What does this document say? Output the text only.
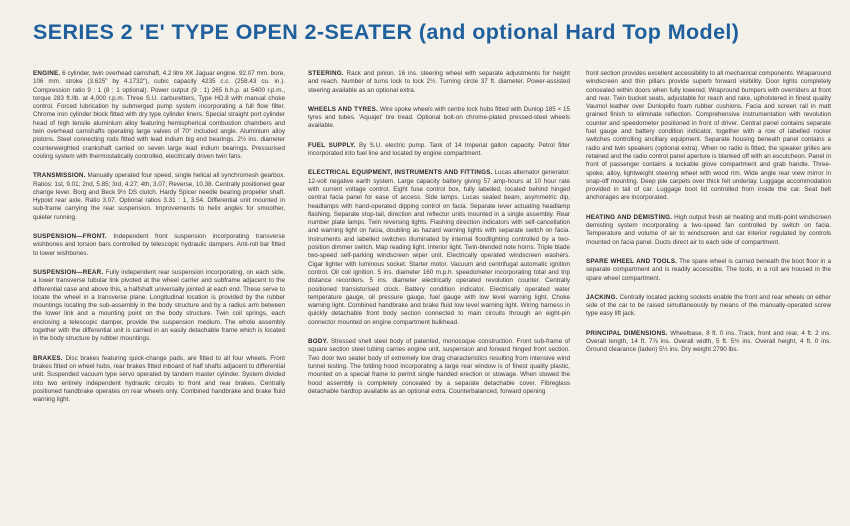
SERIES 2 'E' TYPE OPEN 2-SEATER (and optional Hard Top Model)

ENGINE. 6 cylinder, twin overhead camshaft, 4.2 litre XK Jaguar engine. 92.07 mm. bore, 106 mm. stroke (3.625" by 4.1732"), cubic capacity 4235 c.c. (258.43 cu. in.). Compression ratio 9 : 1 (8 : 1 optional). Power output (9 : 1) 265 b.h.p. at 5400 r.p.m., torque 283 ft./lb. at 4,000 r.p.m. Three S.U. carburetters, Type HD.8 with manual choke control. Forced lubrication by submerged pump system incorporating a full flow filter. Chrome iron cylinder block fitted with dry type cylinder liners. Special straight port cylinder head of high tensile aluminium alloy featuring hemispherical combustion chambers and twin overhead camshafts operating large valves of 70° included angle. Aluminium alloy pistons. Steel connecting rods fitted with lead indium big end bearings. 2½ ins. diameter counterweighted crankshaft carried on seven large lead indium bearings. Pressurised cooling system with thermostatically controlled, electrically driven twin fans.

TRANSMISSION. Manually operated four speed, single helical all synchromesh gearbox. Ratios: 1st, 9.01; 2nd, 5.85; 3rd, 4.27; 4th, 3.07; Reverse, 10.38. Centrally positioned gear change lever. Borg and Beck 9½ DS clutch. Hardy Spicer needle bearing propeller shaft. Hypoid rear axle. Ratio 3.07. Optional ratios 3.31 : 1, 3.54. Differential unit mounted in sub-frame carrying the rear suspension. Improvements to helix angles for smoother, quieter running.

SUSPENSION—FRONT. Independent front suspension incorporating transverse wishbones and torsion bars controlled by telescopic hydraulic dampers. Anti-roll bar fitted to lower wishbones.

SUSPENSION—REAR. Fully independent rear suspension incorporating, on each side, a lower transverse tubular link pivoted at the wheel carrier and subframe adjacent to the differential case and above this, a halfshaft universally jointed at each end. These serve to locate the wheel in a transverse plane. Longitudinal location is provided by the rubber mountings locating the sub-assembly in the body structure and by a radius arm between the lower link and a mounting point on the body structure. Twin coil springs, each enclosing a telescopic damper, provide the suspension medium. The whole assembly together with the differential unit is carried in an easily detachable frame which is located in the body structure by rubber mountings.

BRAKES. Disc brakes featuring quick-change pads, are fitted to all four wheels. Front brakes fitted on wheel hubs, rear brakes fitted inboard of half shafts adjacent to differential unit. Suspended vacuum type servo operated by tandem master cylinder. System divided into two entirely independent hydraulic circuits to front and rear brakes. Centrally positioned handbrake operates on rear wheels only. Combined handbrake and brake fluid warning light.

STEERING. Rack and pinion. 16 ins. steering wheel with separate adjustments for height and reach. Number of turns lock to lock 2½. Turning circle 37 ft. diameter. Power-assisted steering available as an optional extra.

WHEELS AND TYRES. Wire spoke wheels with centre lock hubs fitted with Dunlop 185 × 15 tyres and tubes. 'Aquajet' tire tread. Optional bolt-on chrome-plated pressed-steel wheels available.

FUEL SUPPLY. By S.U. electric pump. Tank of 14 Imperial gallon capacity. Petrol filter incorporated into fuel line and located by engine compartment.

ELECTRICAL EQUIPMENT, INSTRUMENTS AND FITTINGS. Lucas alternator generator. 12-volt negative earth system. Large capacity battery giving 57 amp-hours at 10 hour rate with current voltage control. Eight fuse control box, fully labelled, located behind hinged central facia panel for ease of access. Side lamps. Lucas sealed beam, asymmetric dip, headlamps with hand-operated dipping control on facia. Separate lever actuating headlamp flashing. Separate stop-tail, direction and reflector units mounted in a single assembly. Rear number plate lamps. Twin reversing lights. Flashing direction indicators with self-cancellation and warning light on facia, doubling as hazard warning lights with separate switch on facia. Instruments and labelled switches illuminated by internal floodlighting controlled by a two-position dimmer switch. Map reading light. Interior light. Twin-blended note horns. Triple blade two-speed self-parking windscreen wiper unit. Electrically operated windscreen washers. Cigar lighter with luminous socket. Starter motor. Vacuum and centrifugal automatic ignition control. Oil coil ignition. 5 ins. diameter 160 m.p.h. speedometer incorporating total and trip distance recorders. 5 ins. diameter electrically operated revolution counter. Centrally positioned transistorised clock. Battery condition indicator. Electrically operated water temperature gauge, oil pressure gauge, fuel gauge with low level warning light. Choke warning light. Combined handbrake and brake fluid low level warning light. Wiring harness in quickly detachable front body section connected to main circuits through an eight-pin connector mounted on engine compartment bulkhead.

BODY. Stressed shell steel body of patented, monocoque construction. Front sub-frame of square section steel tubing carries engine unit, suspension and forward hinged front section. Two door two seater body of extremely low drag characteristics resulting from intensive wind tunnel testing. The folding hood incorporating a large rear window is of finest quality plastic, mounted on a special frame to permit single handed erection or stowage. When stowed the hood assembly is completely concealed by a separate detachable cover. Fibreglass detachable hardtop available as an optional extra. Counterbalanced, forward opening

front section provides excellent accessibility to all mechanical components. Wraparound windscreen and thin pillars provide superb forward visibility. Door lights completely concealed within doors when fully lowered. Wrapround bumpers with overriders at front and rear. Twin bucket seats, adjustable for reach and rake, upholstered in finest quality Vaumol leather over Dunlopillo foam rubber cushions. Facia and screen rail in matt grained finish to eliminate reflection. Comprehensive instrumentation with revolution counter and speedometer positioned in front of driver. Central panel contains separate fuel gauge and battery condition indicator, together with a row of labelled rocker switches controlling ancillary equipment. Separate housing beneath panel contains a radio and twin speakers (optional extra). When no radio is fitted, the speaker grilles are retained and the radio control panel aperture is blanked off with an escutcheon. Panel in front of passenger contains a lockable glove compartment and grab handle. Three-spoke, alloy, lightweight steering wheel with wood rim. Wide angle rear view mirror in snap-off mounting. Deep pile carpets over thick felt underlay. Luggage accommodation provided in tail of car. Luggage boot lid controlled from inside the car. Seat belt anchorages are incorporated.

HEATING AND DEMISTING. High output fresh air heating and multi-point windscreen demisting system incorporating a two-speed fan controlled by switch on facia. Temperature and volume of air to windscreen and car interior regulated by controls mounted on facia panel. Ducts direct air to each side of compartment.

SPARE WHEEL AND TOOLS. The spare wheel is carried beneath the boot floor in a separate compartment and is readily accessible. The tools, in a roll are housed in the spare wheel compartment.

JACKING. Centrally located jacking sockets enable the front and rear wheels on either side of the car to be raised simultaneously by means of the manually-operated screw type easy lift jack.

PRINCIPAL DIMENSIONS. Wheelbase, 8 ft. 0 ins. Track, front and rear, 4 ft. 2 ins. Overall length, 14 ft. 7⅞ ins. Overall width, 5 ft. 5½ ins. Overall height, 4 ft. 0 ins. Ground clearance (laden) 5½ ins. Dry weight 2790 lbs.
